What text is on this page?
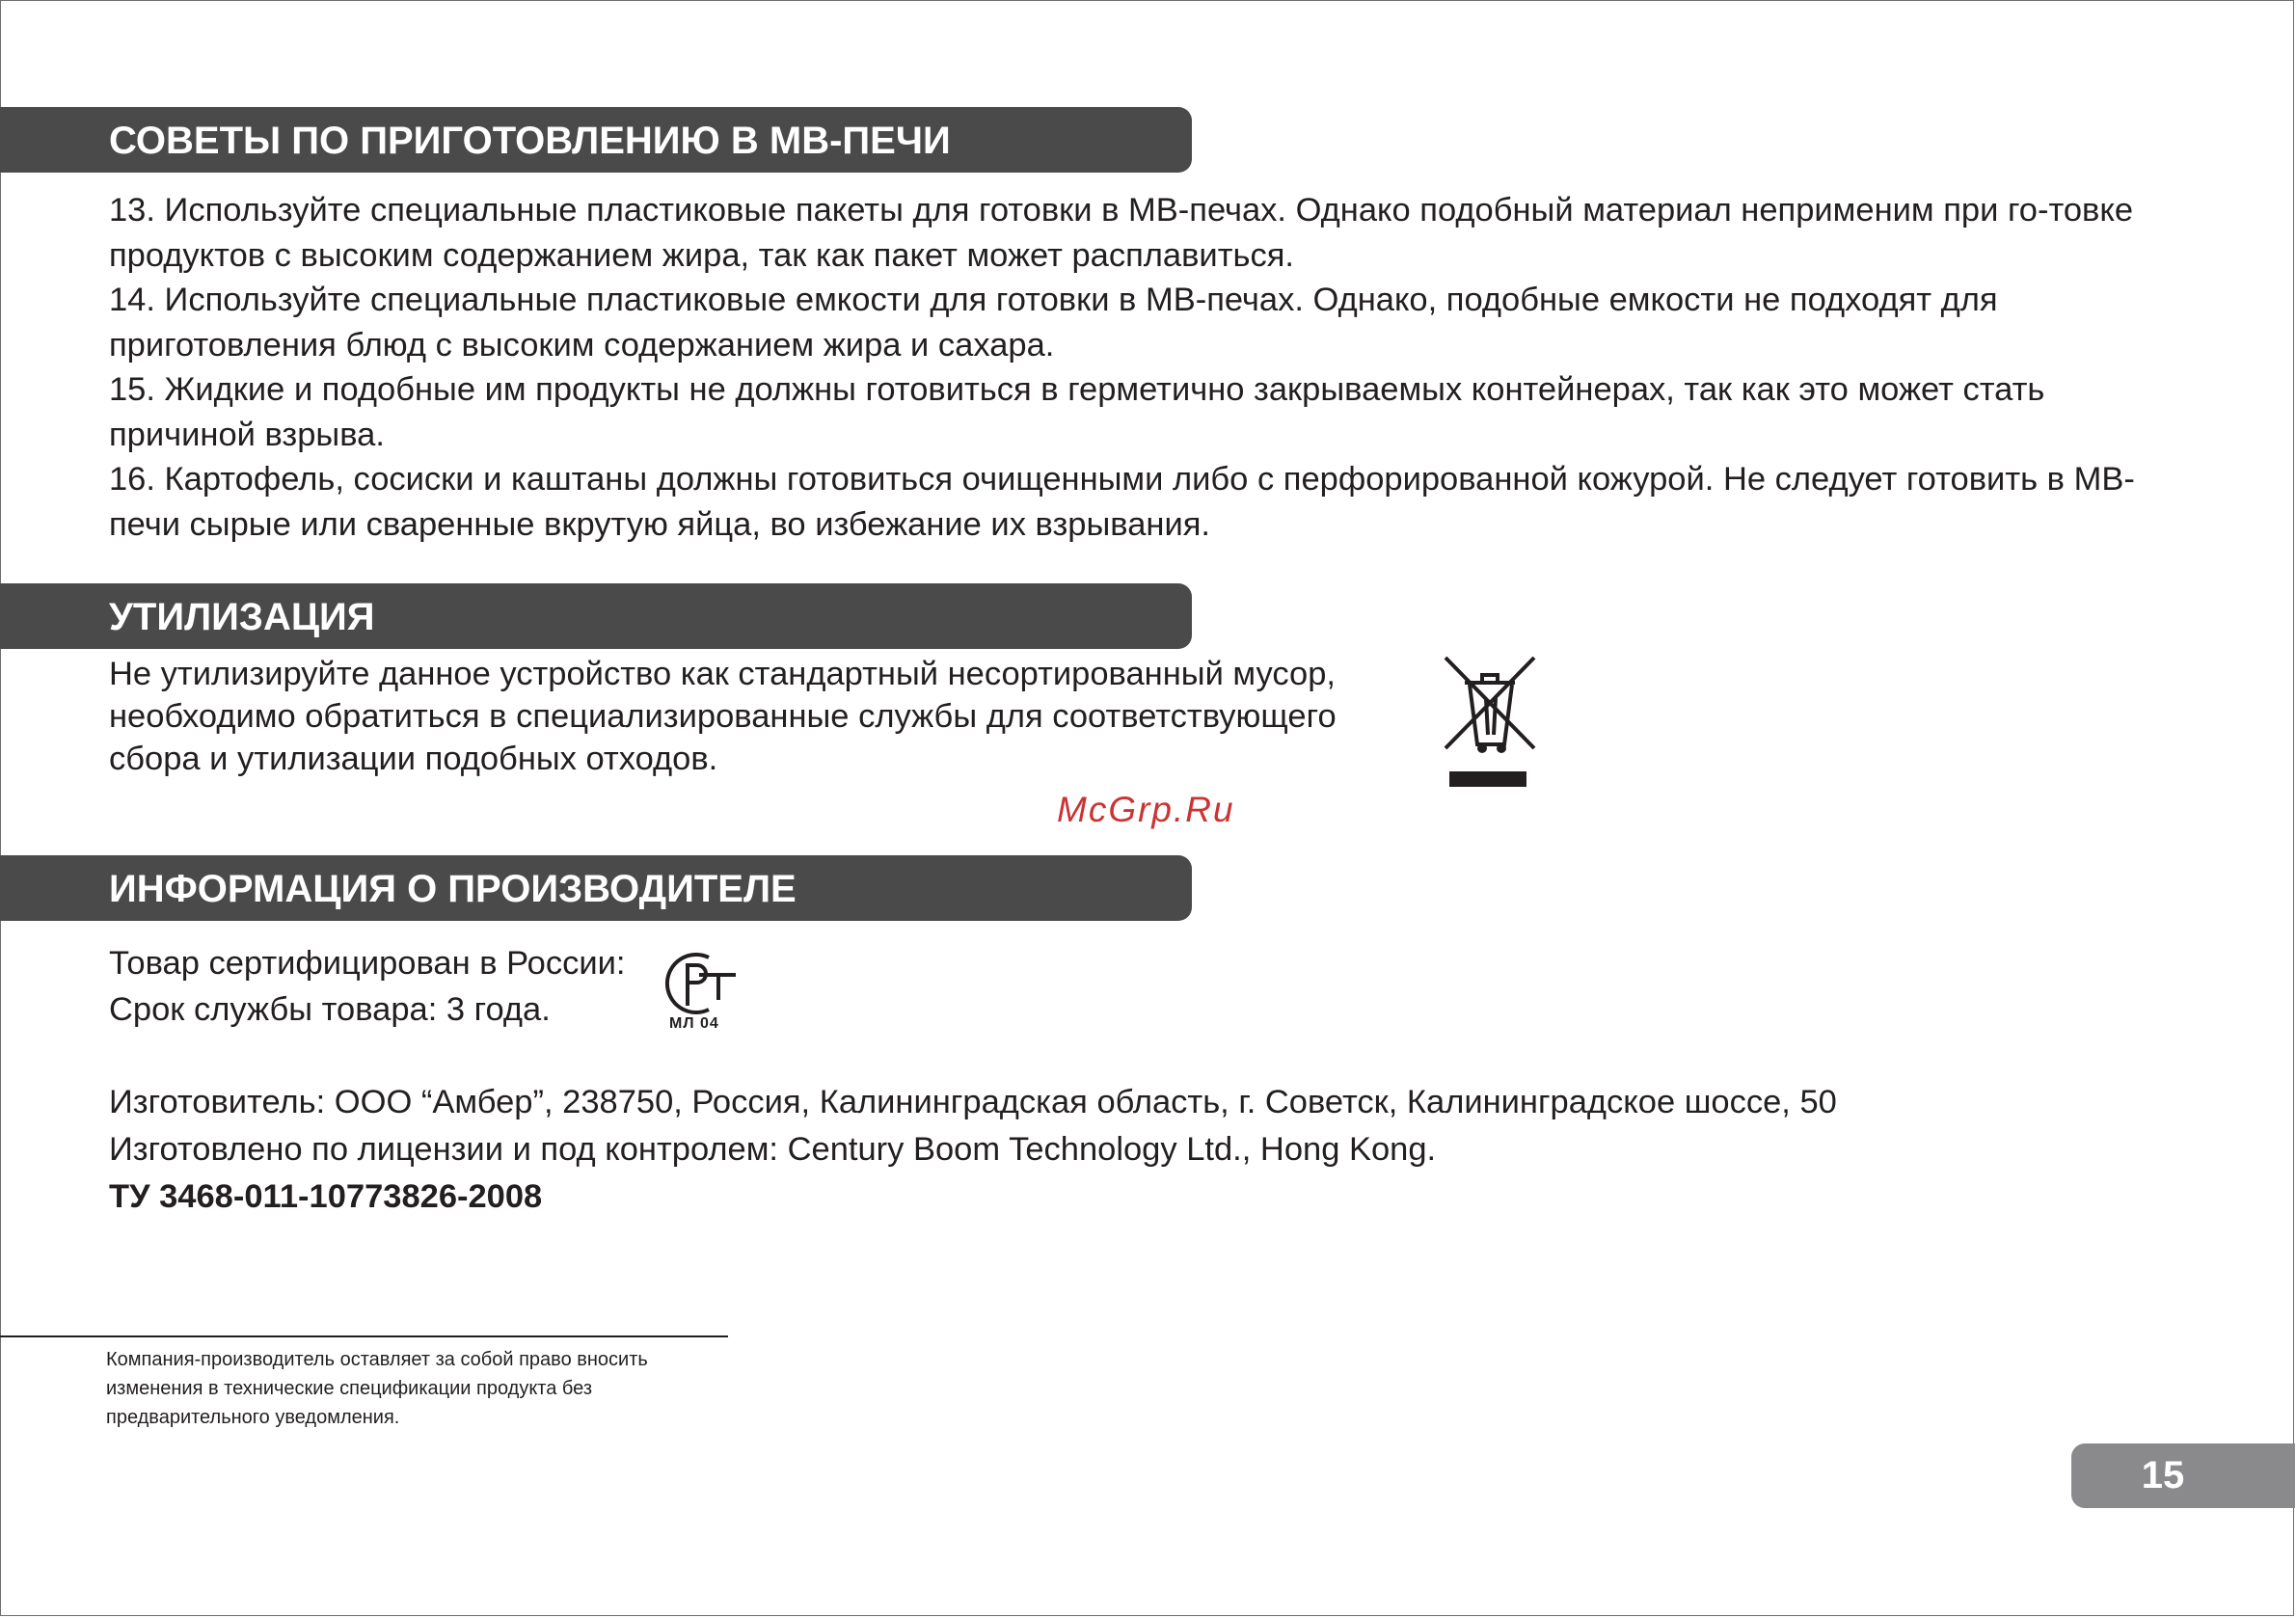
СОВЕТЫ ПО ПРИГОТОВЛЕНИЮ В МВ-ПЕЧИ

13. Используйте специальные пластиковые пакеты для готовки в МВ-печах. Однако подобный материал неприменим при го-товке продуктов с высоким содержанием жира, так как пакет может расплавиться.

14. Используйте специальные пластиковые емкости для готовки в МВ-печах. Однако, подобные емкости не подходят для приготовления блюд с высоким содержанием жира и сахара.

15. Жидкие и подобные им продукты не должны готовиться в герметично закрываемых контейнерах, так как это может стать причиной взрыва.

16. Картофель, сосиски и каштаны должны готовиться очищенными либо с перфорированной кожурой. Не следует готовить в МВ-печи сырые или сваренные вкрутую яйца, во избежание их взрывания.

УТИЛИЗАЦИЯ

Не утилизируйте данное устройство как стандартный несортированный мусор,

необходимо обратиться в специализированные службы для соответствующего

сбора и утилизации подобных отходов.

McGrp.Ru
ИНФОРМАЦИЯ О ПРОИЗВОДИТЕЛЕ
Товар сертифицирован в России:
Срок службы товара: 3 года.	МЛ 04
Изготовитель: ООО “Амбер”, 238750, Россия, Калининградская область, г. Советск, Калининградское шоссе, 50
Изготовлено по лицензии и под контролем: Century Boom Technology Ltd., Hong Kong.
ТУ 3468-011-10773826-2008

Компания-производитель оставляет за собой право вносить

изменения в технические спецификации продукта без

предварительного уведомления.

15
